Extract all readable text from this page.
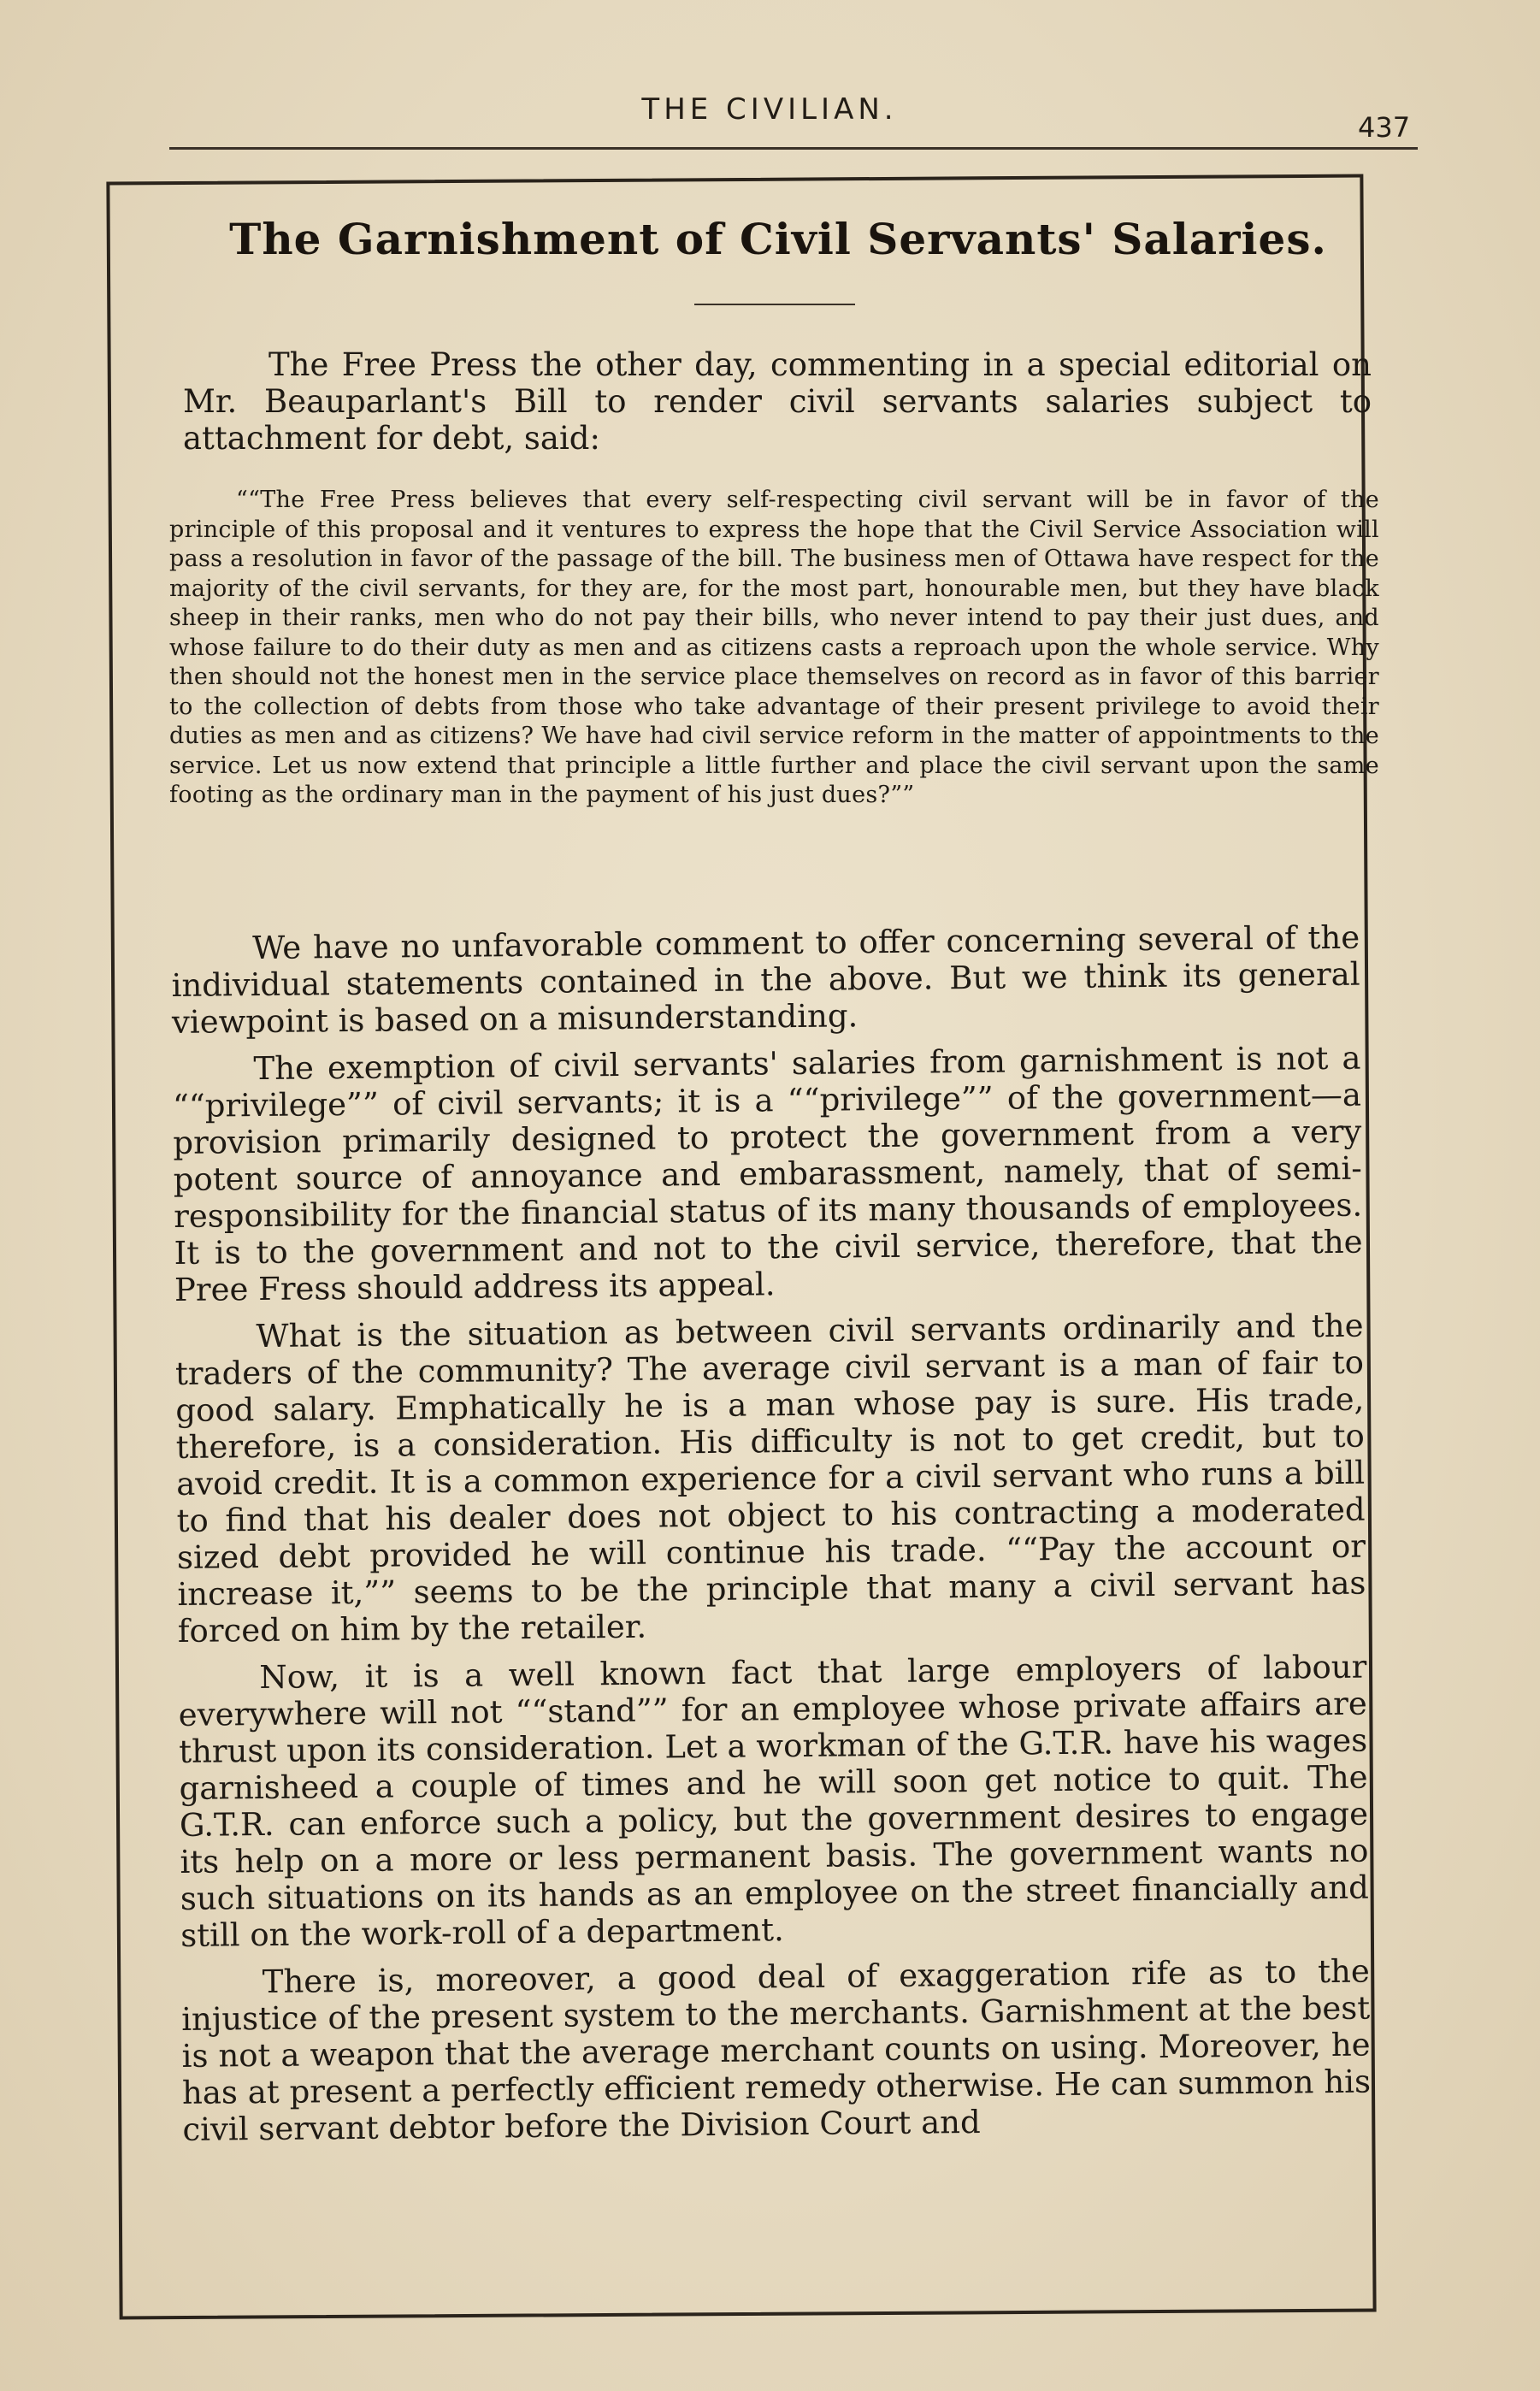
THE CIVILIAN.
437
The Garnishment of Civil Servants' Salaries.
The Free Press the other day, commenting in a special editorial on Mr. Beauparlant's Bill to render civil servants salaries subject to attachment for debt, said:
““The Free Press believes that every self-respecting civil servant will be in favor of the principle of this proposal and it ventures to express the hope that the Civil Service Association will pass a resolution in favor of the passage of the bill. The business men of Ottawa have respect for the majority of the civil servants, for they are, for the most part, honourable men, but they have black sheep in their ranks, men who do not pay their bills, who never intend to pay their just dues, and whose failure to do their duty as men and as citizens casts a reproach upon the whole service. Why then should not the honest men in the service place themselves on record as in favor of this barrier to the collection of debts from those who take advantage of their present privilege to avoid their duties as men and as citizens? We have had civil service reform in the matter of appointments to the service. Let us now extend that principle a little further and place the civil servant upon the same footing as the ordinary man in the payment of his just dues?””

We have no unfavorable comment to offer concerning several of the individual statements contained in the above. But we think its general viewpoint is based on a misunderstanding.

The exemption of civil servants' salaries from garnishment is not a ““privilege”” of civil servants; it is a ““privilege”” of the government—a provision primarily designed to protect the government from a very potent source of annoyance and embarassment, namely, that of semi-responsibility for the financial status of its many thousands of employees. It is to the government and not to the civil service, therefore, that the Pree Fress should address its appeal.

What is the situation as between civil servants ordinarily and the traders of the community? The average civil servant is a man of fair to good salary. Emphatically he is a man whose pay is sure. His trade, therefore, is a consideration. His difficulty is not to get credit, but to avoid credit. It is a common experience for a civil servant who runs a bill to find that his dealer does not object to his contracting a moderated sized debt provided he will continue his trade. ““Pay the account or increase it,”” seems to be the principle that many a civil servant has forced on him by the retailer.

Now, it is a well known fact that large employers of labour everywhere will not ““stand”” for an employee whose private affairs are thrust upon its consideration. Let a workman of the G.T.R. have his wages garnisheed a couple of times and he will soon get notice to quit. The G.T.R. can enforce such a policy, but the government desires to engage its help on a more or less permanent basis. The government wants no such situations on its hands as an employee on the street financially and still on the work-roll of a department.

There is, moreover, a good deal of exaggeration rife as to the injustice of the present system to the merchants. Garnishment at the best is not a weapon that the average merchant counts on using. Moreover, he has at present a perfectly efficient remedy otherwise. He can summon his civil servant debtor before the Division Court and
